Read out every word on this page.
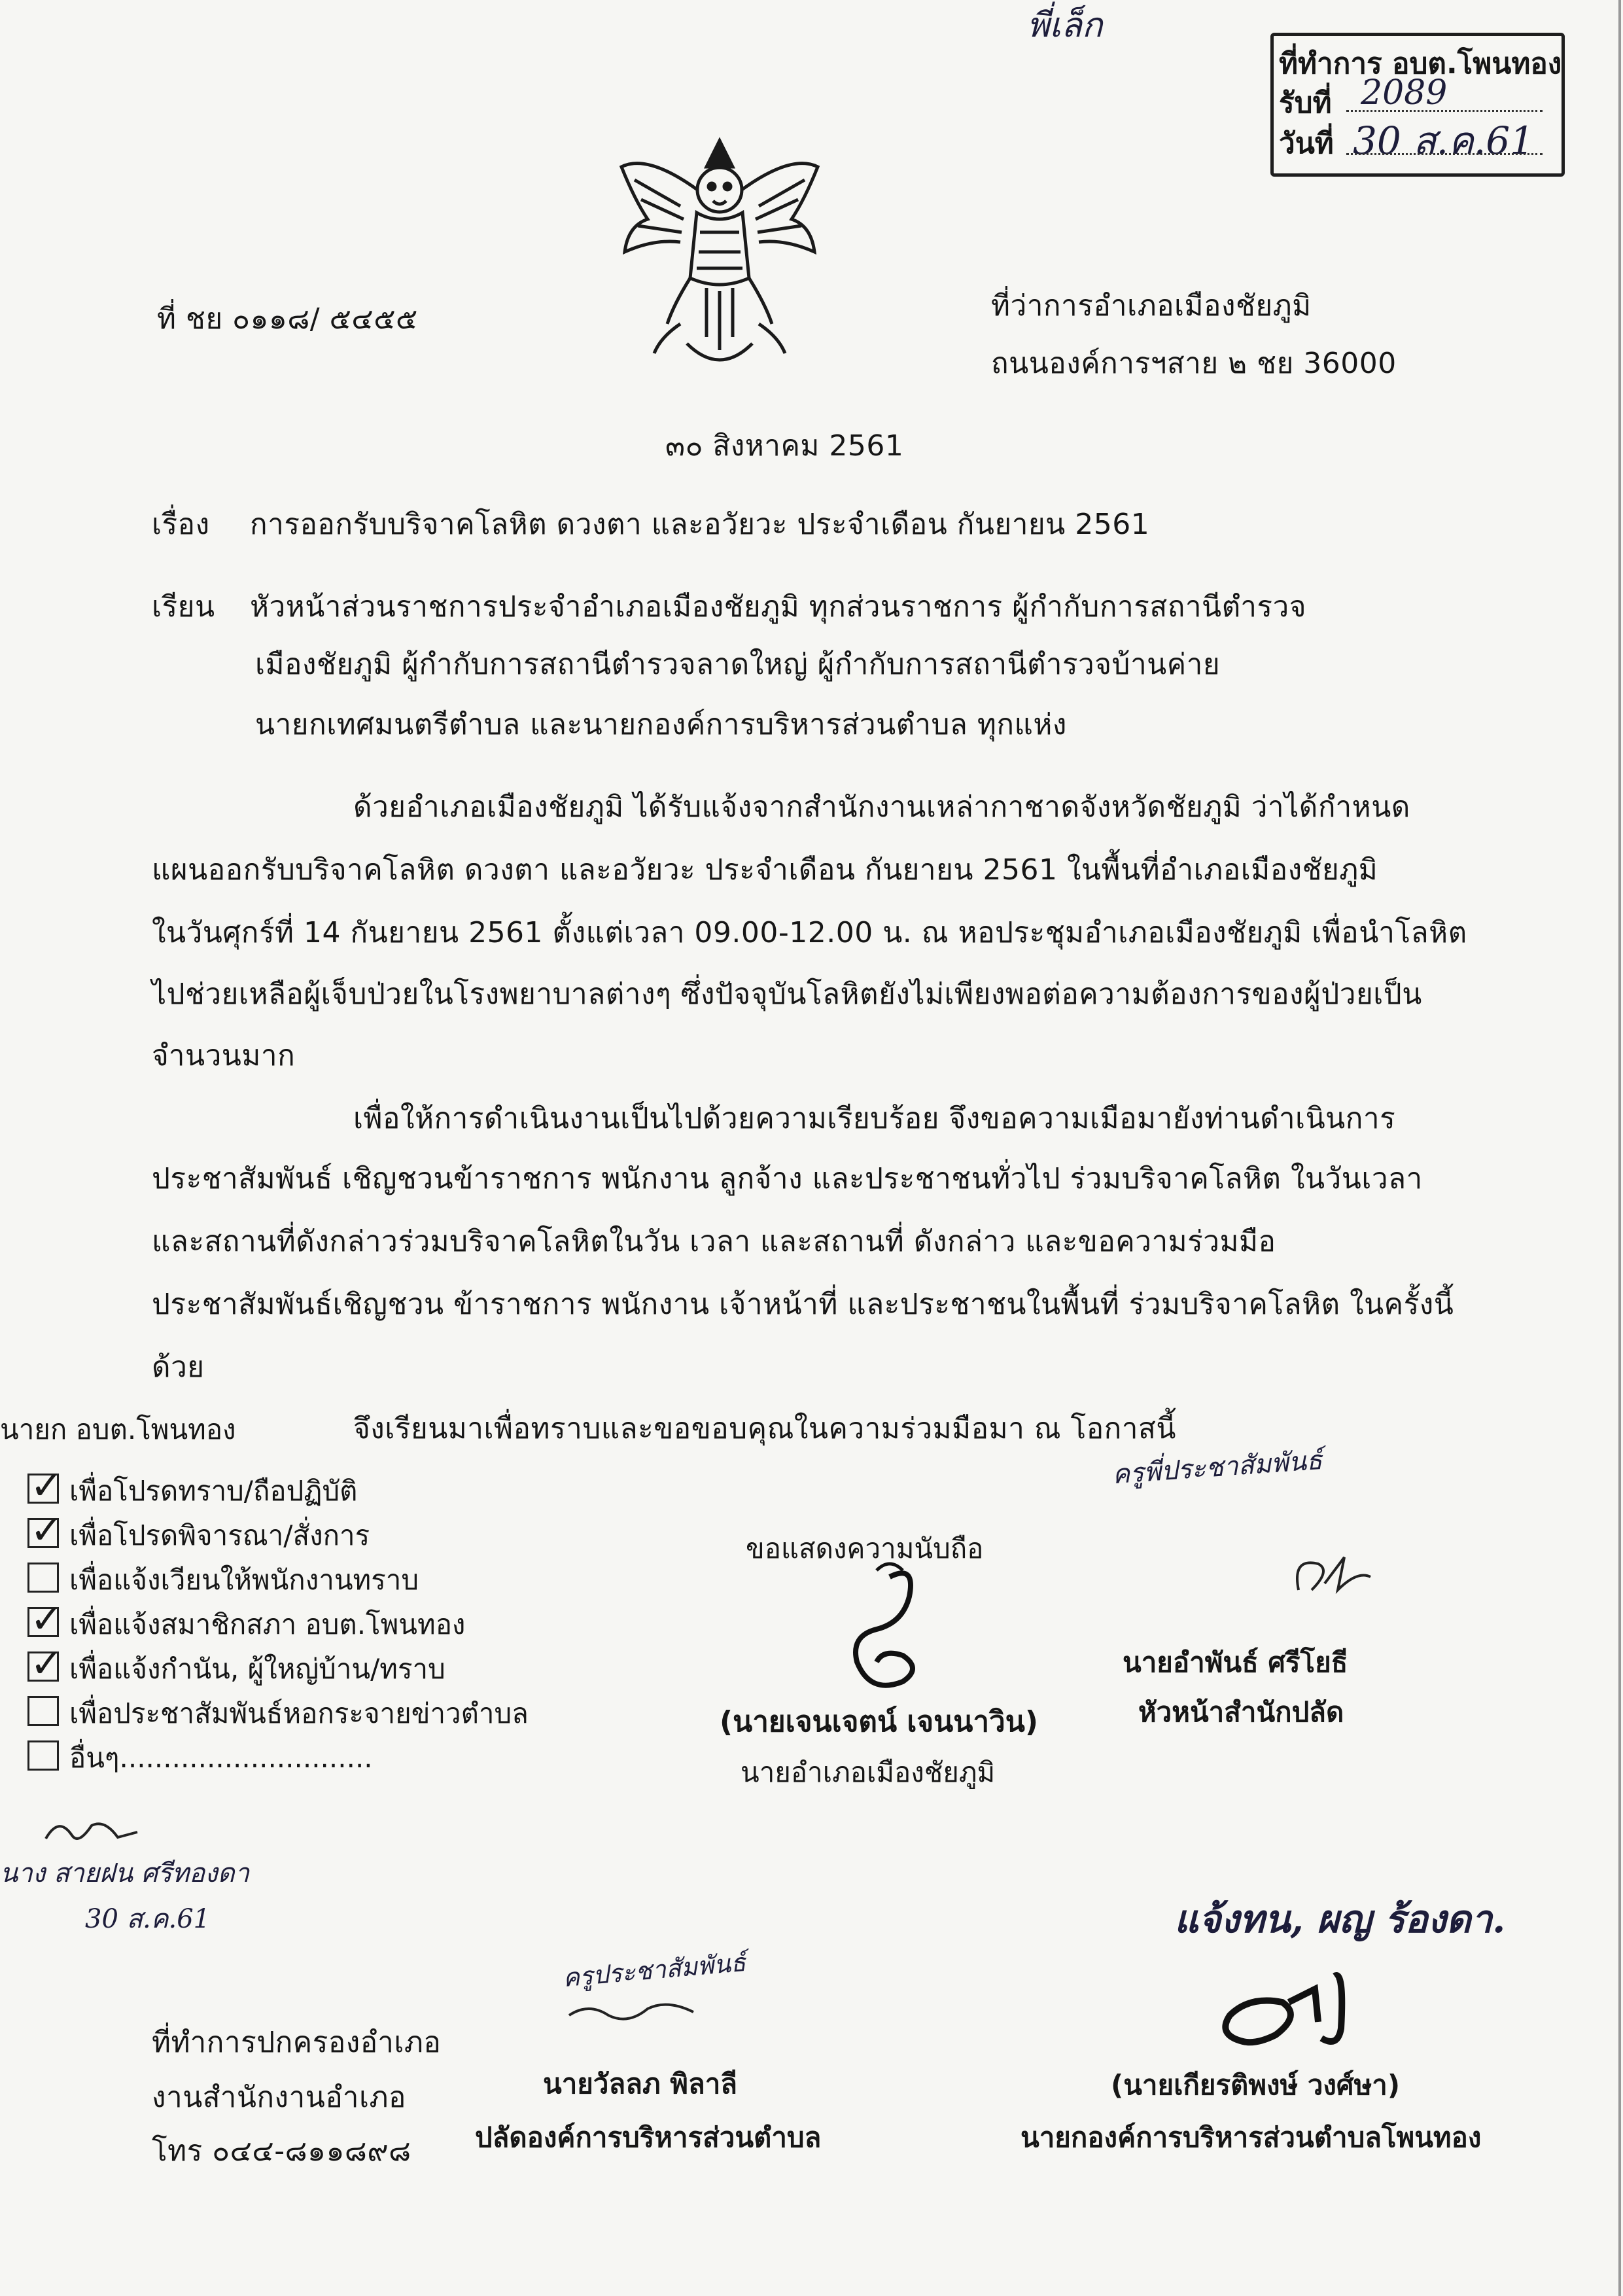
พี่เล็ก
ที่ทำการ อบต.โพนทอง
รับที่ 2089
วันที่ 30 ส.ค.61
ที่ ชย ๐๑๑๘/ ๕๔๕๕	ที่ว่าการอำเภอเมืองชัยภูมิ
ถนนองค์การฯสาย ๒ ชย 36000
๓๐ สิงหาคม 2561
เรื่อง การออกรับบริจาคโลหิต ดวงตา และอวัยวะ ประจำเดือน กันยายน 2561
เรียน หัวหน้าส่วนราชการประจำอำเภอเมืองชัยภูมิ ทุกส่วนราชการ ผู้กำกับการสถานีตำรวจ
เมืองชัยภูมิ ผู้กำกับการสถานีตำรวจลาดใหญ่ ผู้กำกับการสถานีตำรวจบ้านค่าย
นายกเทศมนตรีตำบล และนายกองค์การบริหารส่วนตำบล ทุกแห่ง
ด้วยอำเภอเมืองชัยภูมิ ได้รับแจ้งจากสำนักงานเหล่ากาชาดจังหวัดชัยภูมิ ว่าได้กำหนด
แผนออกรับบริจาคโลหิต ดวงตา และอวัยวะ ประจำเดือน กันยายน 2561 ในพื้นที่อำเภอเมืองชัยภูมิ
ในวันศุกร์ที่ 14 กันยายน 2561 ตั้งแต่เวลา 09.00-12.00 น. ณ หอประชุมอำเภอเมืองชัยภูมิ เพื่อนำโลหิต
ไปช่วยเหลือผู้เจ็บป่วยในโรงพยาบาลต่างๆ ซึ่งปัจจุบันโลหิตยังไม่เพียงพอต่อความต้องการของผู้ป่วยเป็น
จำนวนมาก
เพื่อให้การดำเนินงานเป็นไปด้วยความเรียบร้อย จึงขอความเมือมายังท่านดำเนินการ
ประชาสัมพันธ์ เชิญชวนข้าราชการ พนักงาน ลูกจ้าง และประชาชนทั่วไป ร่วมบริจาคโลหิต ในวันเวลา
และสถานที่ดังกล่าวร่วมบริจาคโลหิตในวัน เวลา และสถานที่ ดังกล่าว และขอความร่วมมือ
ประชาสัมพันธ์เชิญชวน ข้าราชการ พนักงาน เจ้าหน้าที่ และประชาชนในพื้นที่ ร่วมบริจาคโลหิต ในครั้งนี้
ด้วย
จึงเรียนมาเพื่อทราบและขอขอบคุณในความร่วมมือมา ณ โอกาสนี้
นายก อบต.โพนทอง
✓ เพื่อโปรดทราบ/ถือปฏิบัติ
✓ เพื่อโปรดพิจารณา/สั่งการ
เพื่อแจ้งเวียนให้พนักงานทราบ
✓ เพื่อแจ้งสมาชิกสภา อบต.โพนทอง
✓ เพื่อแจ้งกำนัน, ผู้ใหญ่บ้าน/ทราบ
เพื่อประชาสัมพันธ์หอกระจายข่าวตำบล
อื่นๆ.............................
นาง สายฝน ศรีทองดา
30 ส.ค.61
ขอแสดงความนับถือ
(นายเจนเจตน์ เจนนาวิน)
นายอำเภอเมืองชัยภูมิ
ครูพี่ประชาสัมพันธ์
นายอำพันธ์ ศรีโยธี
หัวหน้าสำนักปลัด
แจ้งทน, ผญ ร้องดา.
(นายเกียรติพงษ์ วงศ์ษา)
นายกองค์การบริหารส่วนตำบลโพนทอง
ครูประชาสัมพันธ์
นายวัลลภ พิลาลี
ปลัดองค์การบริหารส่วนตำบล
ที่ทำการปกครองอำเภอ
งานสำนักงานอำเภอ
โทร ๐๔๔-๘๑๑๘๙๘
